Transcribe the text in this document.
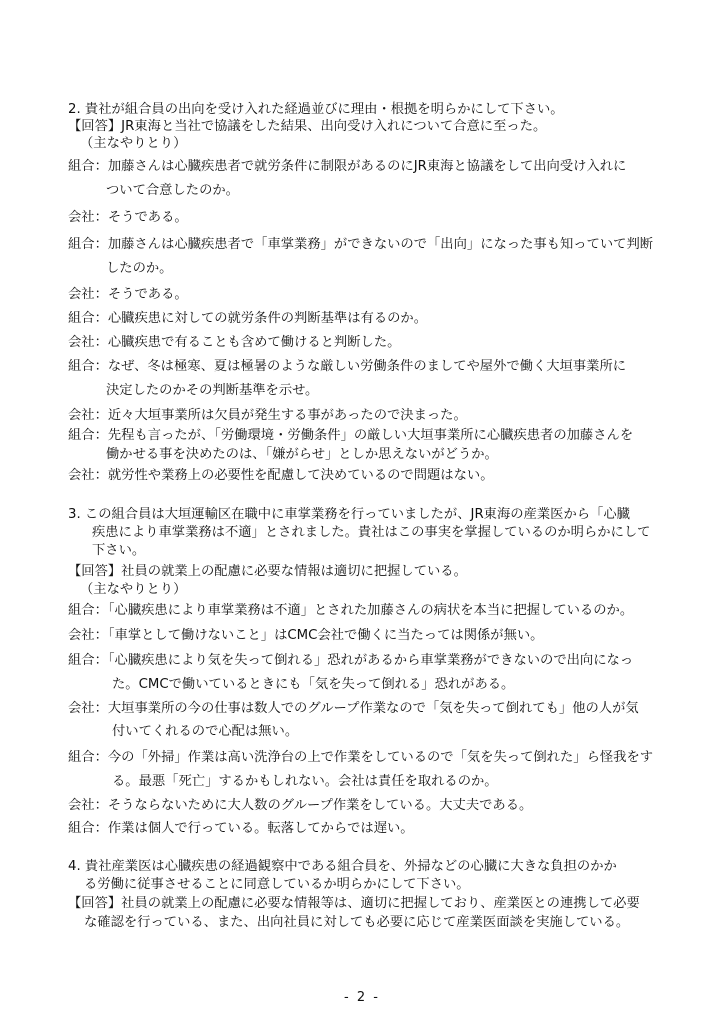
2. 貴社が組合員の出向を受け入れた経過並びに理由・根拠を明らかにして下さい。
【回答】JR東海と当社で協議をした結果、出向受け入れについて合意に至った。
（主なやりとり）
組合：加藤さんは心臓疾患者で就労条件に制限があるのにJR東海と協議をして出向受け入れに
ついて合意したのか。
会社：そうである。
組合：加藤さんは心臓疾患者で「車掌業務」ができないので「出向」になった事も知っていて判断
したのか。
会社：そうである。
組合：心臓疾患に対しての就労条件の判断基準は有るのか。
会社：心臓疾患で有ることも含めて働けると判断した。
組合：なぜ、冬は極寒、夏は極暑のような厳しい労働条件のましてや屋外で働く大垣事業所に
決定したのかその判断基準を示せ。
会社：近々大垣事業所は欠員が発生する事があったので決まった。
組合：先程も言ったが、「労働環境・労働条件」の厳しい大垣事業所に心臓疾患者の加藤さんを
働かせる事を決めたのは、「嫌がらせ」としか思えないがどうか。
会社：就労性や業務上の必要性を配慮して決めているので問題はない。
3. この組合員は大垣運輸区在職中に車掌業務を行っていましたが、JR東海の産業医から「心臓
疾患により車掌業務は不適」とされました。貴社はこの事実を掌握しているのか明らかにして
下さい。
【回答】社員の就業上の配慮に必要な情報は適切に把握している。
（主なやりとり）
組合：「心臓疾患により車掌業務は不適」とされた加藤さんの病状を本当に把握しているのか。
会社：「車掌として働けないこと」はCMC会社で働くに当たっては関係が無い。
組合：「心臓疾患により気を失って倒れる」恐れがあるから車掌業務ができないので出向になっ
た。CMCで働いているときにも「気を失って倒れる」恐れがある。
会社：大垣事業所の今の仕事は数人でのグループ作業なので「気を失って倒れても」他の人が気
付いてくれるので心配は無い。
組合：今の「外掃」作業は高い洗浄台の上で作業をしているので「気を失って倒れた」ら怪我をす
る。最悪「死亡」するかもしれない。会社は責任を取れるのか。
会社：そうならないために大人数のグループ作業をしている。大丈夫である。
組合：作業は個人で行っている。転落してからでは遅い。
4. 貴社産業医は心臓疾患の経過観察中である組合員を、外掃などの心臓に大きな負担のかか
る労働に従事させることに同意しているか明らかにして下さい。
【回答】社員の就業上の配慮に必要な情報等は、適切に把握しており、産業医との連携して必要
な確認を行っている、また、出向社員に対しても必要に応じて産業医面談を実施している。
- 2 -
